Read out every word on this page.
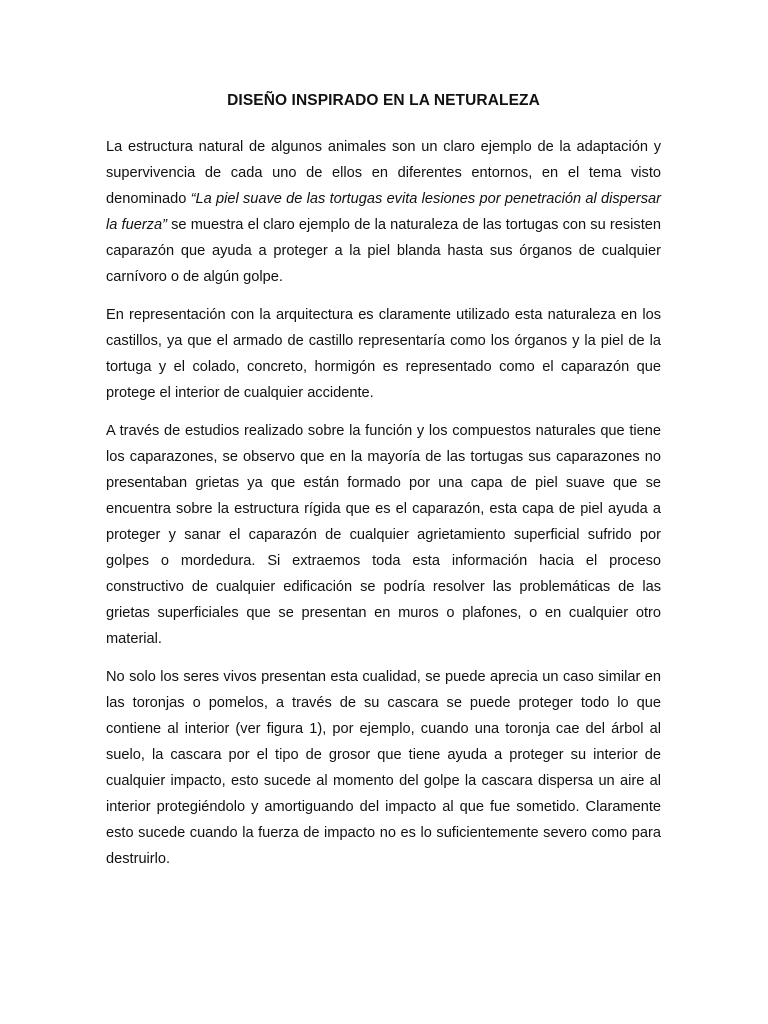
DISEÑO INSPIRADO EN LA NETURALEZA

La estructura natural de algunos animales son un claro ejemplo de la adaptación y supervivencia de cada uno de ellos en diferentes entornos, en el tema visto denominado “La piel suave de las tortugas evita lesiones por penetración al dispersar la fuerza” se muestra el claro ejemplo de la naturaleza de las tortugas con su resisten caparazón que ayuda a proteger a la piel blanda hasta sus órganos de cualquier carnívoro o de algún golpe.

En representación con la arquitectura es claramente utilizado esta naturaleza en los castillos, ya que el armado de castillo representaría como los órganos y la piel de la tortuga y el colado, concreto, hormigón es representado como el caparazón que protege el interior de cualquier accidente.

A través de estudios realizado sobre la función y los compuestos naturales que tiene los caparazones, se observo que en la mayoría de las tortugas sus caparazones no presentaban grietas ya que están formado por una capa de piel suave que se encuentra sobre la estructura rígida que es el caparazón, esta capa de piel ayuda a proteger y sanar el caparazón de cualquier agrietamiento superficial sufrido por golpes o mordedura. Si extraemos toda esta información hacia el proceso constructivo de cualquier edificación se podría resolver las problemáticas de las grietas superficiales que se presentan en muros o plafones, o en cualquier otro material.

No solo los seres vivos presentan esta cualidad, se puede aprecia un caso similar en las toronjas o pomelos, a través de su cascara se puede proteger todo lo que contiene al interior (ver figura 1), por ejemplo, cuando una toronja cae del árbol al suelo, la cascara por el tipo de grosor que tiene ayuda a proteger su interior de cualquier impacto, esto sucede al momento del golpe la cascara dispersa un aire al interior protegiéndolo y amortiguando del impacto al que fue sometido. Claramente esto sucede cuando la fuerza de impacto no es lo suficientemente severo como para destruirlo.
